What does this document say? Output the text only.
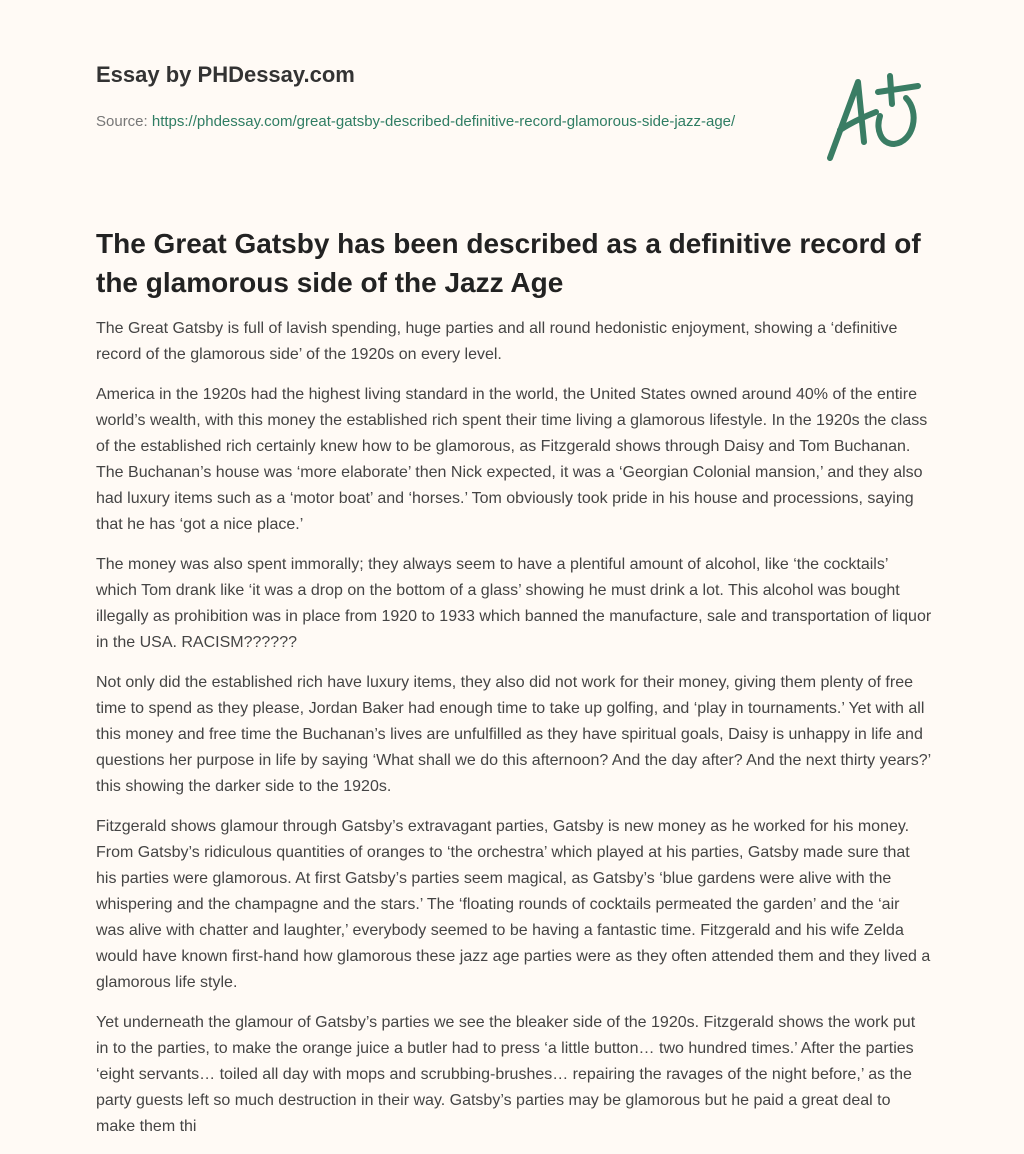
Essay by PHDessay.com
Source: https://phdessay.com/great-gatsby-described-definitive-record-glamorous-side-jazz-age/
The Great Gatsby has been described as a definitive record of the glamorous side of the Jazz Age

The Great Gatsby is full of lavish spending, huge parties and all round hedonistic enjoyment, showing a ‘definitive record of the glamorous side’ of the 1920s on every level.

America in the 1920s had the highest living standard in the world, the United States owned around 40% of the entire world’s wealth, with this money the established rich spent their time living a glamorous lifestyle. In the 1920s the class of the established rich certainly knew how to be glamorous, as Fitzgerald shows through Daisy and Tom Buchanan. The Buchanan’s house was ‘more elaborate’ then Nick expected, it was a ‘Georgian Colonial mansion,’ and they also had luxury items such as a ‘motor boat’ and ‘horses.’ Tom obviously took pride in his house and processions, saying that he has ‘got a nice place.’

The money was also spent immorally; they always seem to have a plentiful amount of alcohol, like ‘the cocktails’ which Tom drank like ‘it was a drop on the bottom of a glass’ showing he must drink a lot. This alcohol was bought illegally as prohibition was in place from 1920 to 1933 which banned the manufacture, sale and transportation of liquor in the USA. RACISM??????

Not only did the established rich have luxury items, they also did not work for their money, giving them plenty of free time to spend as they please, Jordan Baker had enough time to take up golfing, and ‘play in tournaments.’ Yet with all this money and free time the Buchanan’s lives are unfulfilled as they have spiritual goals, Daisy is unhappy in life and questions her purpose in life by saying ‘What shall we do this afternoon? And the day after? And the next thirty years?’ this showing the darker side to the 1920s.

Fitzgerald shows glamour through Gatsby’s extravagant parties, Gatsby is new money as he worked for his money. From Gatsby’s ridiculous quantities of oranges to ‘the orchestra’ which played at his parties, Gatsby made sure that his parties were glamorous. At first Gatsby’s parties seem magical, as Gatsby’s ‘blue gardens were alive with the whispering and the champagne and the stars.’ The ‘floating rounds of cocktails permeated the garden’ and the ‘air was alive with chatter and laughter,’ everybody seemed to be having a fantastic time. Fitzgerald and his wife Zelda would have known first-hand how glamorous these jazz age parties were as they often attended them and they lived a glamorous life style.

Yet underneath the glamour of Gatsby’s parties we see the bleaker side of the 1920s. Fitzgerald shows the work put in to the parties, to make the orange juice a butler had to press ‘a little button… two hundred times.’ After the parties ‘eight servants… toiled all day with mops and scrubbing-brushes… repairing the ravages of the night before,’ as the party guests left so much destruction in their way. Gatsby’s parties may be glamorous but he paid a great deal to make them thi
